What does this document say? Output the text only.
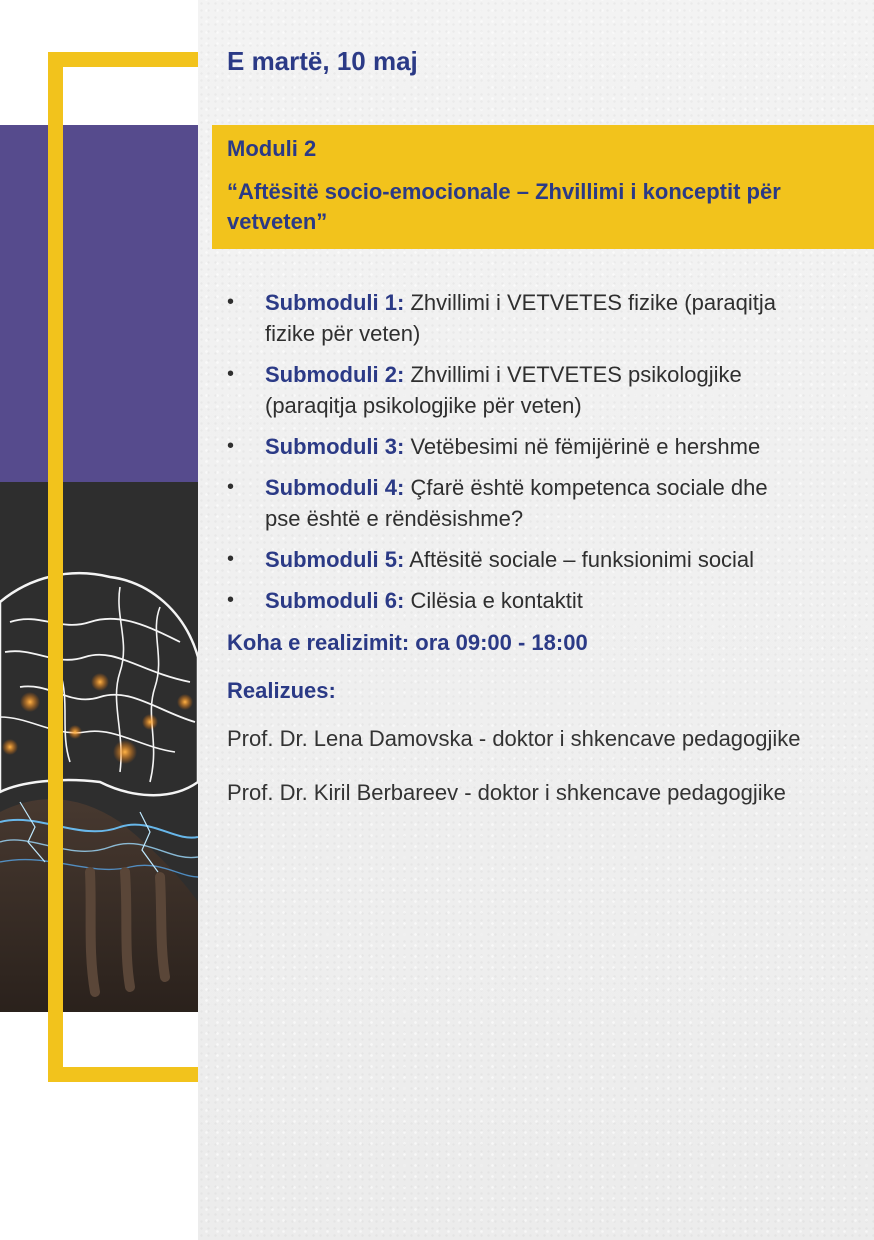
E martë, 10 maj

Moduli 2

“Aftësitë socio-emocionale – Zhvillimi i konceptit për vetveten”

• Submoduli 1: Zhvillimi i VETVETES fizike (paraqitja fizike për veten)
• Submoduli 2: Zhvillimi i VETVETES psikologjike (paraqitja psikologjike për veten)
• Submoduli 3: Vetëbesimi në fëmijërinë e hershme
• Submoduli 4: Çfarë është kompetenca sociale dhe pse është e rëndësishme?
• Submoduli 5: Aftësitë sociale – funksionimi social
• Submoduli 6: Cilësia e kontaktit
Koha e realizimit: ora 09:00 - 18:00
Realizues:
Prof. Dr. Lena Damovska - doktor i shkencave pedagogjike
Prof. Dr. Kiril Berbareev - doktor i shkencave pedagogjike
